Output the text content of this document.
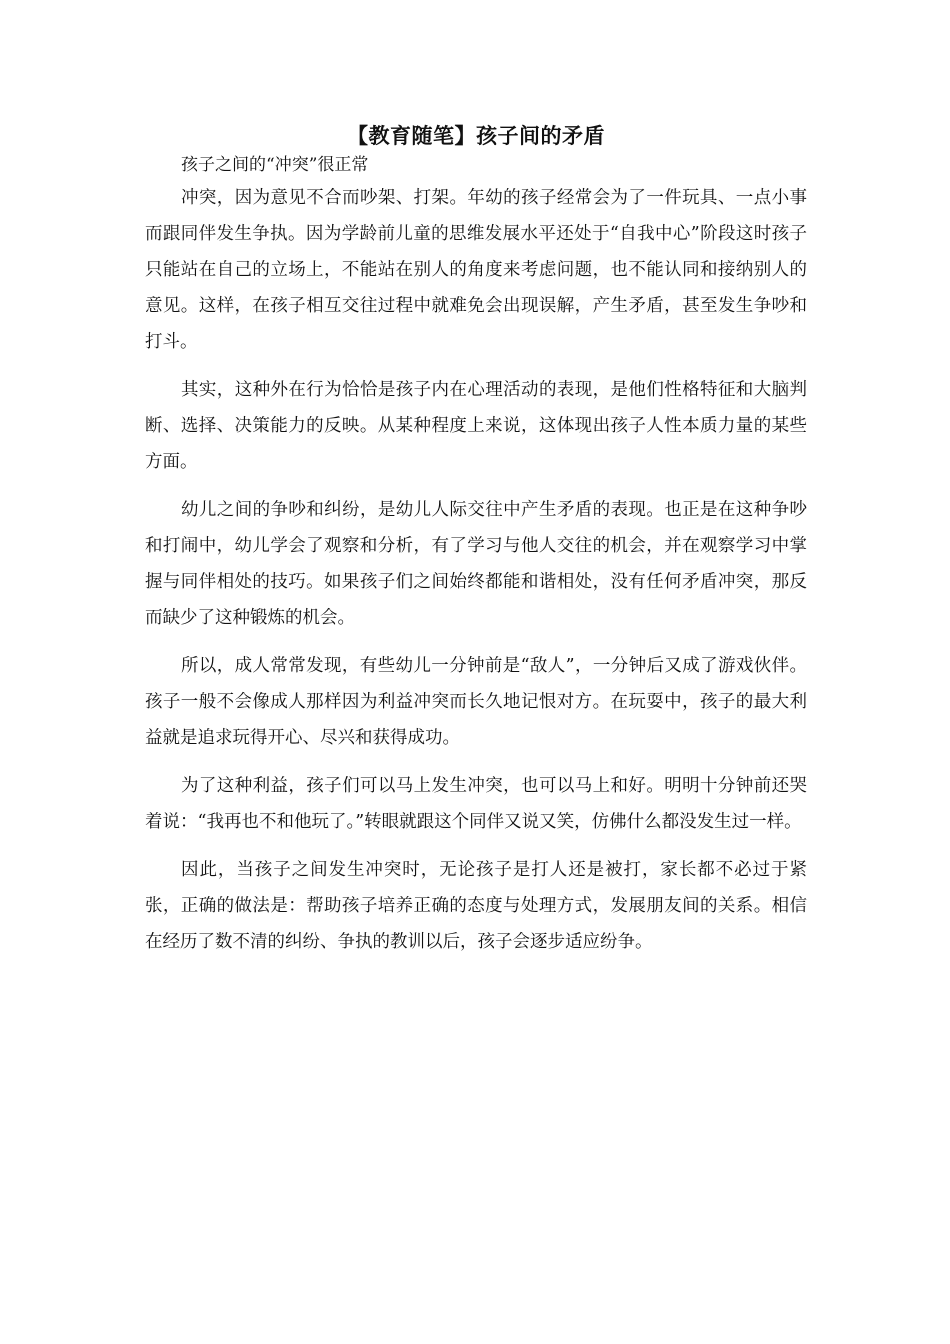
【教育随笔】孩子间的矛盾

孩子之间的“冲突”很正常

冲突，因为意见不合而吵架、打架。年幼的孩子经常会为了一件玩具、一点小事而跟同伴发生争执。因为学龄前儿童的思维发展水平还处于“自我中心”阶段这时孩子只能站在自己的立场上，不能站在别人的角度来考虑问题，也不能认同和接纳别人的意见。这样，在孩子相互交往过程中就难免会出现误解，产生矛盾，甚至发生争吵和打斗。

其实，这种外在行为恰恰是孩子内在心理活动的表现，是他们性格特征和大脑判断、选择、决策能力的反映。从某种程度上来说，这体现出孩子人性本质力量的某些方面。

幼儿之间的争吵和纠纷，是幼儿人际交往中产生矛盾的表现。也正是在这种争吵和打闹中，幼儿学会了观察和分析，有了学习与他人交往的机会，并在观察学习中掌握与同伴相处的技巧。如果孩子们之间始终都能和谐相处，没有任何矛盾冲突，那反而缺少了这种锻炼的机会。

所以，成人常常发现，有些幼儿一分钟前是“敌人”，一分钟后又成了游戏伙伴。孩子一般不会像成人那样因为利益冲突而长久地记恨对方。在玩耍中，孩子的最大利益就是追求玩得开心、尽兴和获得成功。

为了这种利益，孩子们可以马上发生冲突，也可以马上和好。明明十分钟前还哭着说：“我再也不和他玩了。”转眼就跟这个同伴又说又笑，仿佛什么都没发生过一样。

因此，当孩子之间发生冲突时，无论孩子是打人还是被打，家长都不必过于紧张，正确的做法是：帮助孩子培养正确的态度与处理方式，发展朋友间的关系。相信在经历了数不清的纠纷、争执的教训以后，孩子会逐步适应纷争。
